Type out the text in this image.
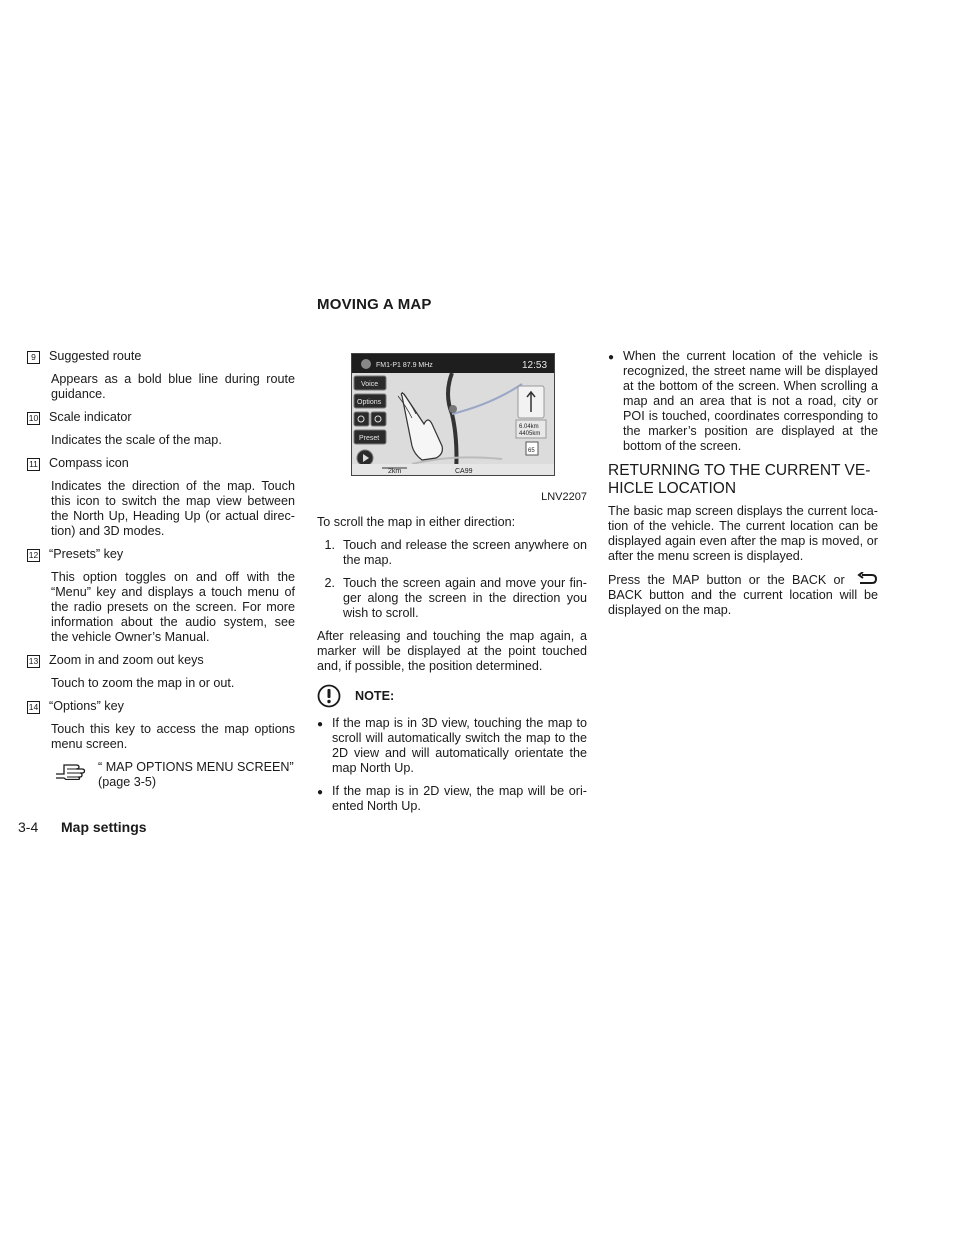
MOVING A MAP
9	Suggested route
Appears as a bold blue line during route guidance.
10 Scale indicator
Indicates the scale of the map.
11 Compass icon
Indicates the direction of the map. Touch this icon to switch the map view between the North Up, Heading Up (or actual direc- tion) and 3D modes.
12 “Presets” key
This option toggles on and off with the “Menu” key and displays a touch menu of the radio presets on the screen. For more information about the audio system, see the vehicle Owner’s Manual.
13 Zoom in and zoom out keys
Touch to zoom the map in or out.
14 “Options” key
Touch this key to access the map options menu screen.
“ MAP OPTIONS MENU SCREEN” (page 3-5)
FM1-P1 87.9 MHz	12:53
Voice
Options
Preset
6.04km
4405km
65
2km	CA99
LNV2207

To scroll the map in either direction:

1. Touch and release the screen anywhere on the map.
2. Touch the screen again and move your fin- ger along the screen in the direction you wish to scroll.

After releasing and touching the map again, a marker will be displayed at the point touched and, if possible, the position determined.

NOTE:
● If the map is in 3D view, touching the map to scroll will automatically switch the map to the 2D view and will automatically orientate the map North Up.
● If the map is in 2D view, the map will be ori- ented North Up.
● When the current location of the vehicle is recognized, the street name will be displayed at the bottom of the screen. When scrolling a map and an area that is not a road, city or POI is touched, coordinates corresponding to the marker’s position are displayed at the bottom of the screen.
RETURNING TO THE CURRENT VE- HICLE LOCATION

The basic map screen displays the current loca- tion of the vehicle. The current location can be displayed again even after the map is moved, or after the menu screen is displayed.

Press the MAP button or the BACK or  BACK button and the current location will be displayed on the map.

3-4 Map settings
